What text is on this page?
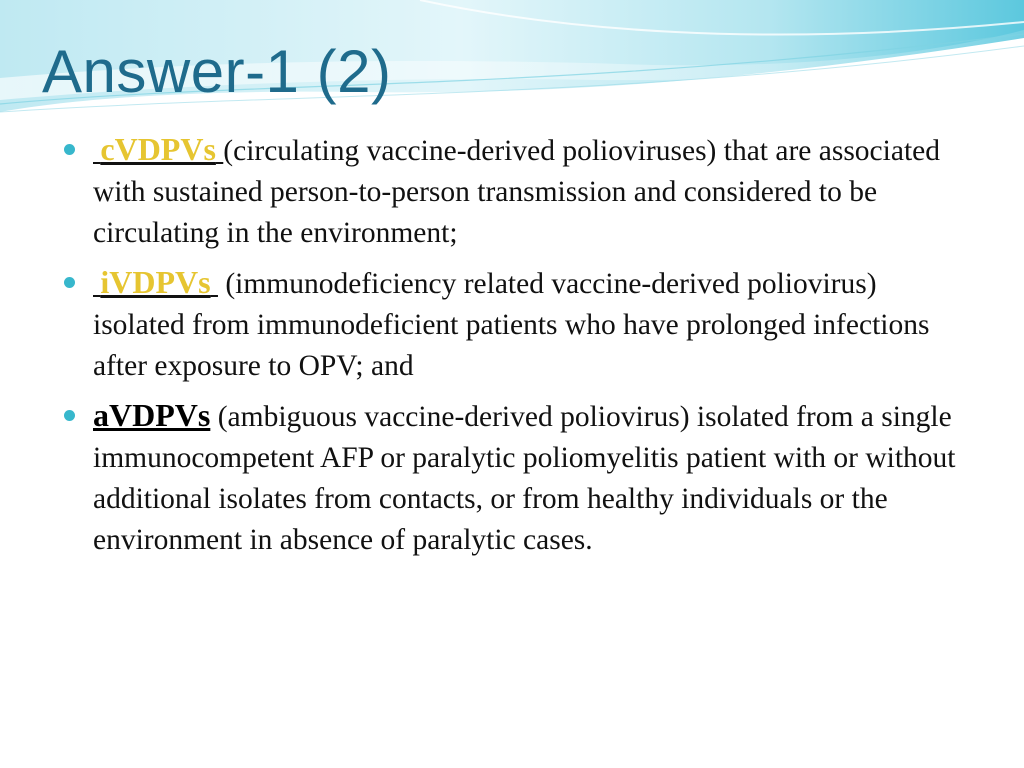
Answer-1 (2)
cVDPVs (circulating vaccine-derived polioviruses) that are associated with sustained person-to-person transmission and considered to be circulating in the environment;
iVDPVs (immunodeficiency related vaccine-derived poliovirus) isolated from immunodeficient patients who have prolonged infections after exposure to OPV; and
aVDPVs (ambiguous vaccine-derived poliovirus) isolated from a single immunocompetent AFP or paralytic poliomyelitis patient with or without additional isolates from contacts, or from healthy individuals or the environment in absence of paralytic cases.
